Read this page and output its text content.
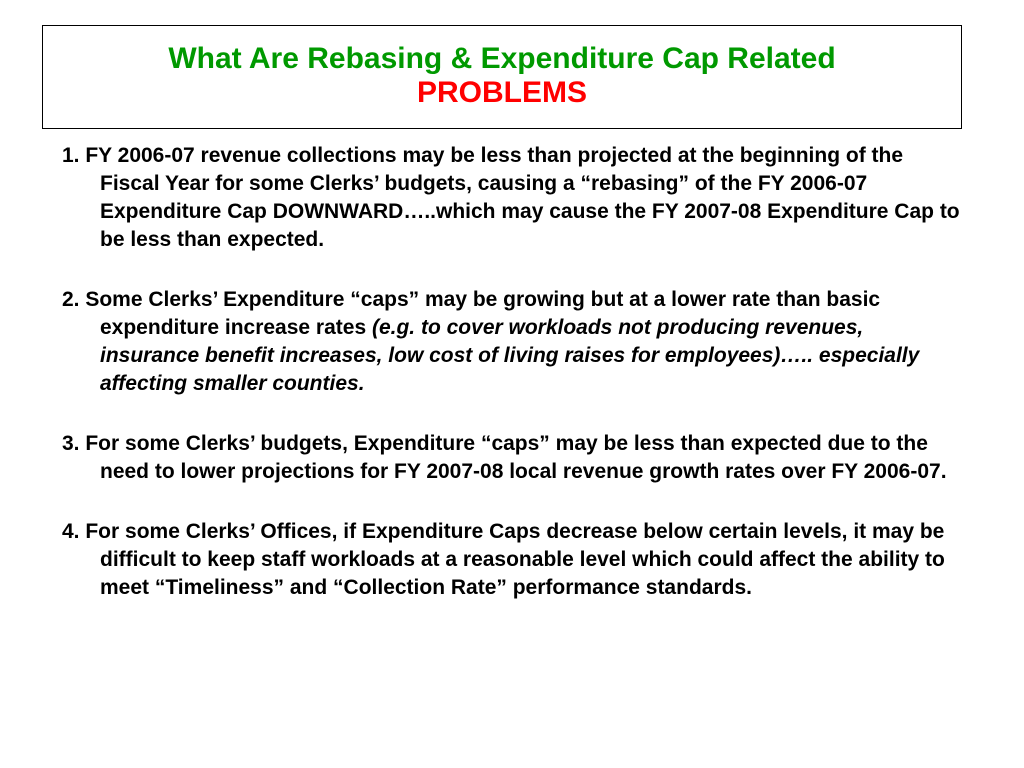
What Are Rebasing & Expenditure Cap Related
PROBLEMS

1. FY 2006-07 revenue collections may be less than projected at the beginning of the Fiscal Year for some Clerks’ budgets, causing a “rebasing” of the FY 2006-07 Expenditure Cap DOWNWARD…..which may cause the FY 2007-08 Expenditure Cap to be less than expected.

2. Some Clerks’ Expenditure “caps” may be growing but at a lower rate than basic expenditure increase rates (e.g. to cover workloads not producing revenues, insurance benefit increases, low cost of living raises for employees)….. especially affecting smaller counties.

3. For some Clerks’ budgets, Expenditure “caps” may be less than expected due to the need to lower projections for FY 2007-08 local revenue growth rates over FY 2006-07.

4. For some Clerks’ Offices, if Expenditure Caps decrease below certain levels, it may be difficult to keep staff workloads at a reasonable level which could affect the ability to meet “Timeliness” and “Collection Rate” performance standards.
